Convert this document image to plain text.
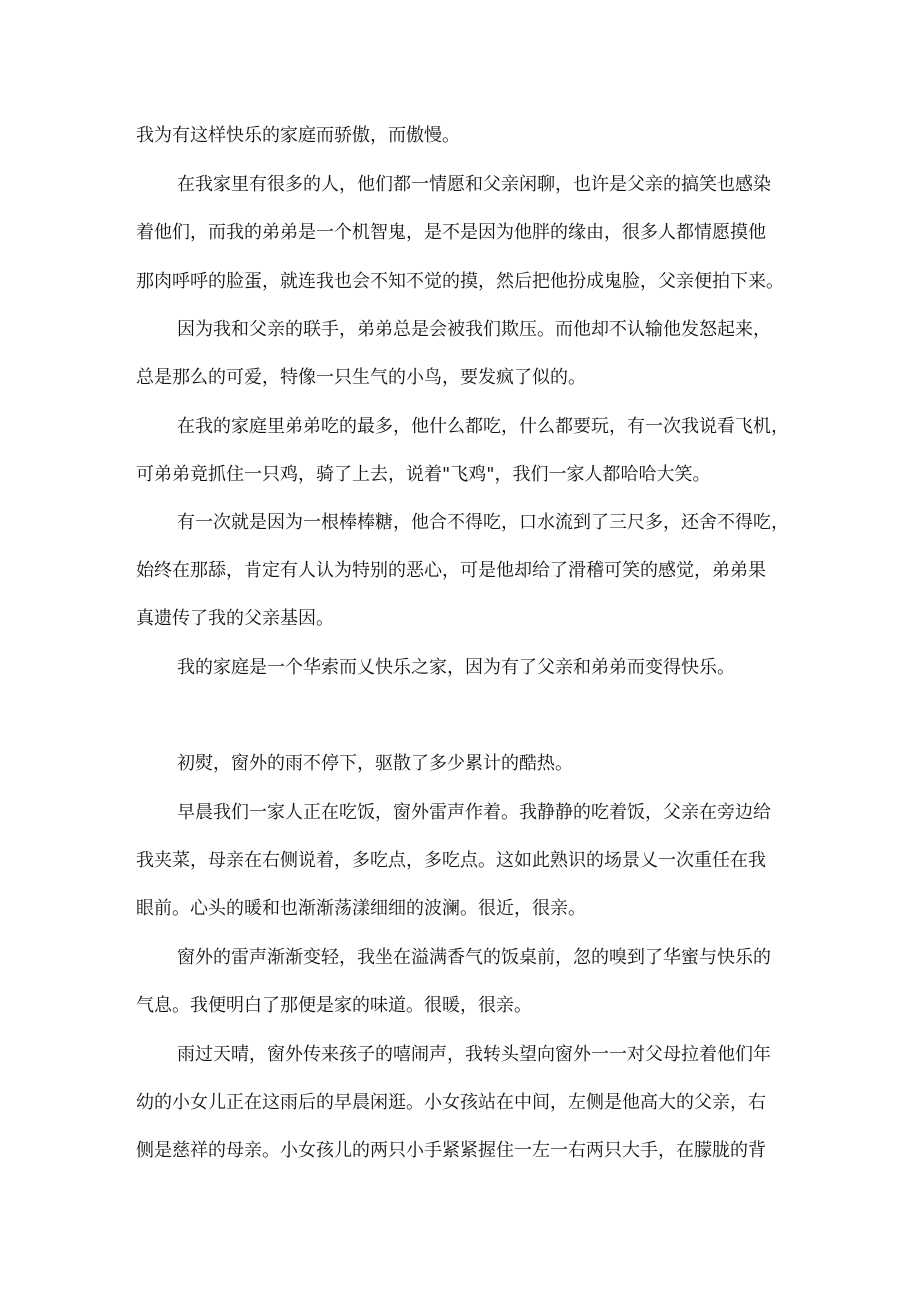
我为有这样快乐的家庭而骄傲，而傲慢。

在我家里有很多的人，他们都一情愿和父亲闲聊，也许是父亲的搞笑也感染

着他们，而我的弟弟是一个机智鬼，是不是因为他胖的缘由，很多人都情愿摸他

那肉呼呼的脸蛋，就连我也会不知不觉的摸，然后把他扮成鬼脸，父亲便拍下来。

因为我和父亲的联手，弟弟总是会被我们欺压。而他却不认输他发怒起来，

总是那么的可爱，特像一只生气的小鸟，要发疯了似的。

在我的家庭里弟弟吃的最多，他什么都吃，什么都要玩，有一次我说看飞机，

可弟弟竟抓住一只鸡，骑了上去，说着"飞鸡"，我们一家人都哈哈大笑。

有一次就是因为一根棒棒糖，他合不得吃，口水流到了三尺多，还舍不得吃，

始终在那舔，肯定有人认为特别的恶心，可是他却给了滑稽可笑的感觉，弟弟果

真遗传了我的父亲基因。

我的家庭是一个华索而乂快乐之家，因为有了父亲和弟弟而变得快乐。

初熨，窗外的雨不停下，驱散了多少累计的酷热。

早晨我们一家人正在吃饭，窗外雷声作着。我静静的吃着饭，父亲在旁边给

我夹菜，母亲在右侧说着，多吃点，多吃点。这如此熟识的场景乂一次重任在我

眼前。心头的暖和也渐渐荡漾细细的波澜。很近，很亲。

窗外的雷声渐渐变轻，我坐在溢满香气的饭桌前，忽的嗅到了华蜜与快乐的

气息。我便明白了那便是家的味道。很暖，很亲。

雨过天晴，窗外传来孩子的嘻闹声，我转头望向窗外一一对父母拉着他们年

幼的小女儿正在这雨后的早晨闲逛。小女孩站在中间，左侧是他高大的父亲，右

侧是慈祥的母亲。小女孩儿的两只小手紧紧握住一左一右两只大手，在朦胧的背
